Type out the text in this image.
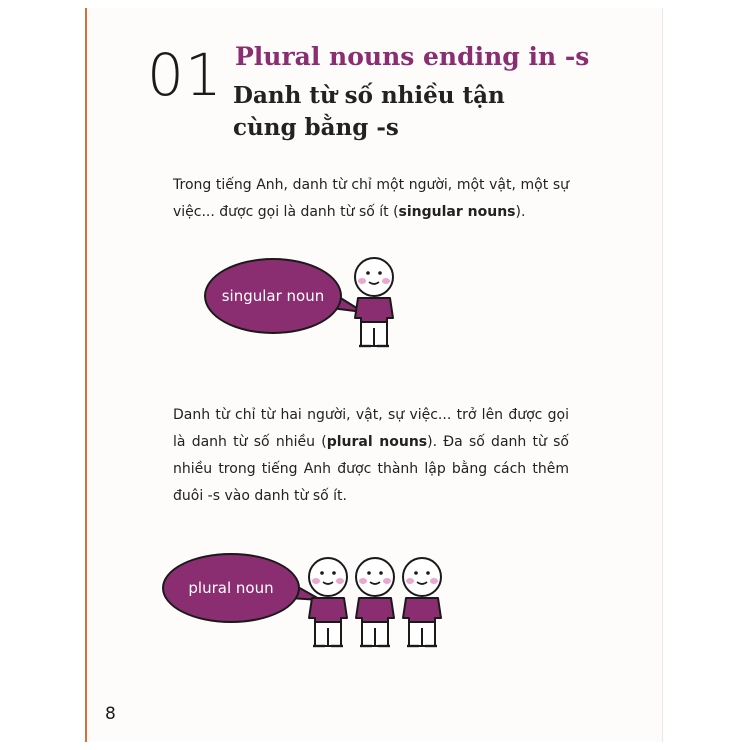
01 Plural nouns ending in -s
Danh từ số nhiều tận cùng bằng -s
Trong tiếng Anh, danh từ chỉ một người, một vật, một sự việc... được gọi là danh từ số ít (singular nouns).
singular noun
Danh từ chỉ từ hai người, vật, sự việc... trở lên được gọi là danh từ số nhiều (plural nouns). Đa số danh từ số nhiều trong tiếng Anh được thành lập bằng cách thêm đuôi -s vào danh từ số ít.
plural noun
8
